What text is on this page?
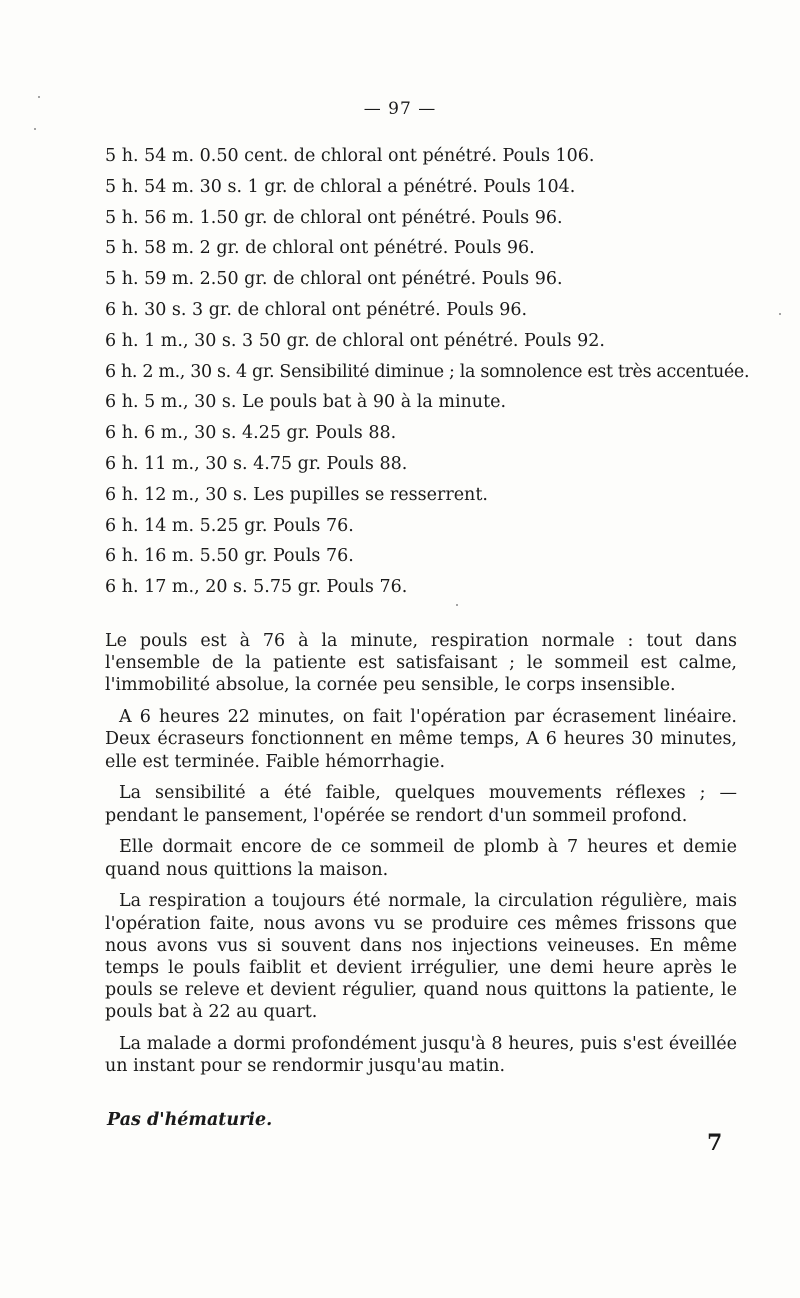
— 97 —
5 h. 54 m. 0.50 cent. de chloral ont pénétré. Pouls 106.
5 h. 54 m. 30 s. 1 gr. de chloral a pénétré. Pouls 104.
5 h. 56 m. 1.50 gr. de chloral ont pénétré. Pouls 96.
5 h. 58 m. 2 gr. de chloral ont pénétré. Pouls 96.
5 h. 59 m. 2.50 gr. de chloral ont pénétré. Pouls 96.
6 h. 30 s. 3 gr. de chloral ont pénétré. Pouls 96.
6 h. 1 m., 30 s. 3 50 gr. de chloral ont pénétré. Pouls 92.
6 h. 2 m., 30 s. 4 gr. Sensibilité diminue ; la somnolence est très accentuée.
6 h. 5 m., 30 s. Le pouls bat à 90 à la minute.
6 h. 6 m., 30 s. 4.25 gr. Pouls 88.
6 h. 11 m., 30 s. 4.75 gr. Pouls 88.
6 h. 12 m., 30 s. Les pupilles se resserrent.
6 h. 14 m. 5.25 gr. Pouls 76.
6 h. 16 m. 5.50 gr. Pouls 76.
6 h. 17 m., 20 s. 5.75 gr. Pouls 76.

Le pouls est à 76 à la minute, respiration normale : tout dans l'ensemble de la patiente est satisfaisant ; le sommeil est calme, l'immobilité absolue, la cornée peu sensible, le corps insensible.

A 6 heures 22 minutes, on fait l'opération par écrasement linéaire. Deux écraseurs fonctionnent en même temps, A 6 heures 30 minutes, elle est terminée. Faible hémorrhagie.

La sensibilité a été faible, quelques mouvements réflexes ; — pendant le pansement, l'opérée se rendort d'un sommeil profond.

Elle dormait encore de ce sommeil de plomb à 7 heures et demie quand nous quittions la maison.

La respiration a toujours été normale, la circulation régulière, mais l'opération faite, nous avons vu se produire ces mêmes frissons que nous avons vus si souvent dans nos injections veineuses. En même temps le pouls faiblit et devient irrégulier, une demi heure après le pouls se releve et devient régulier, quand nous quittons la patiente, le pouls bat à 22 au quart.

La malade a dormi profondément jusqu'à 8 heures, puis s'est éveillée un instant pour se rendormir jusqu'au matin.

Pas d'hématurie.
7
